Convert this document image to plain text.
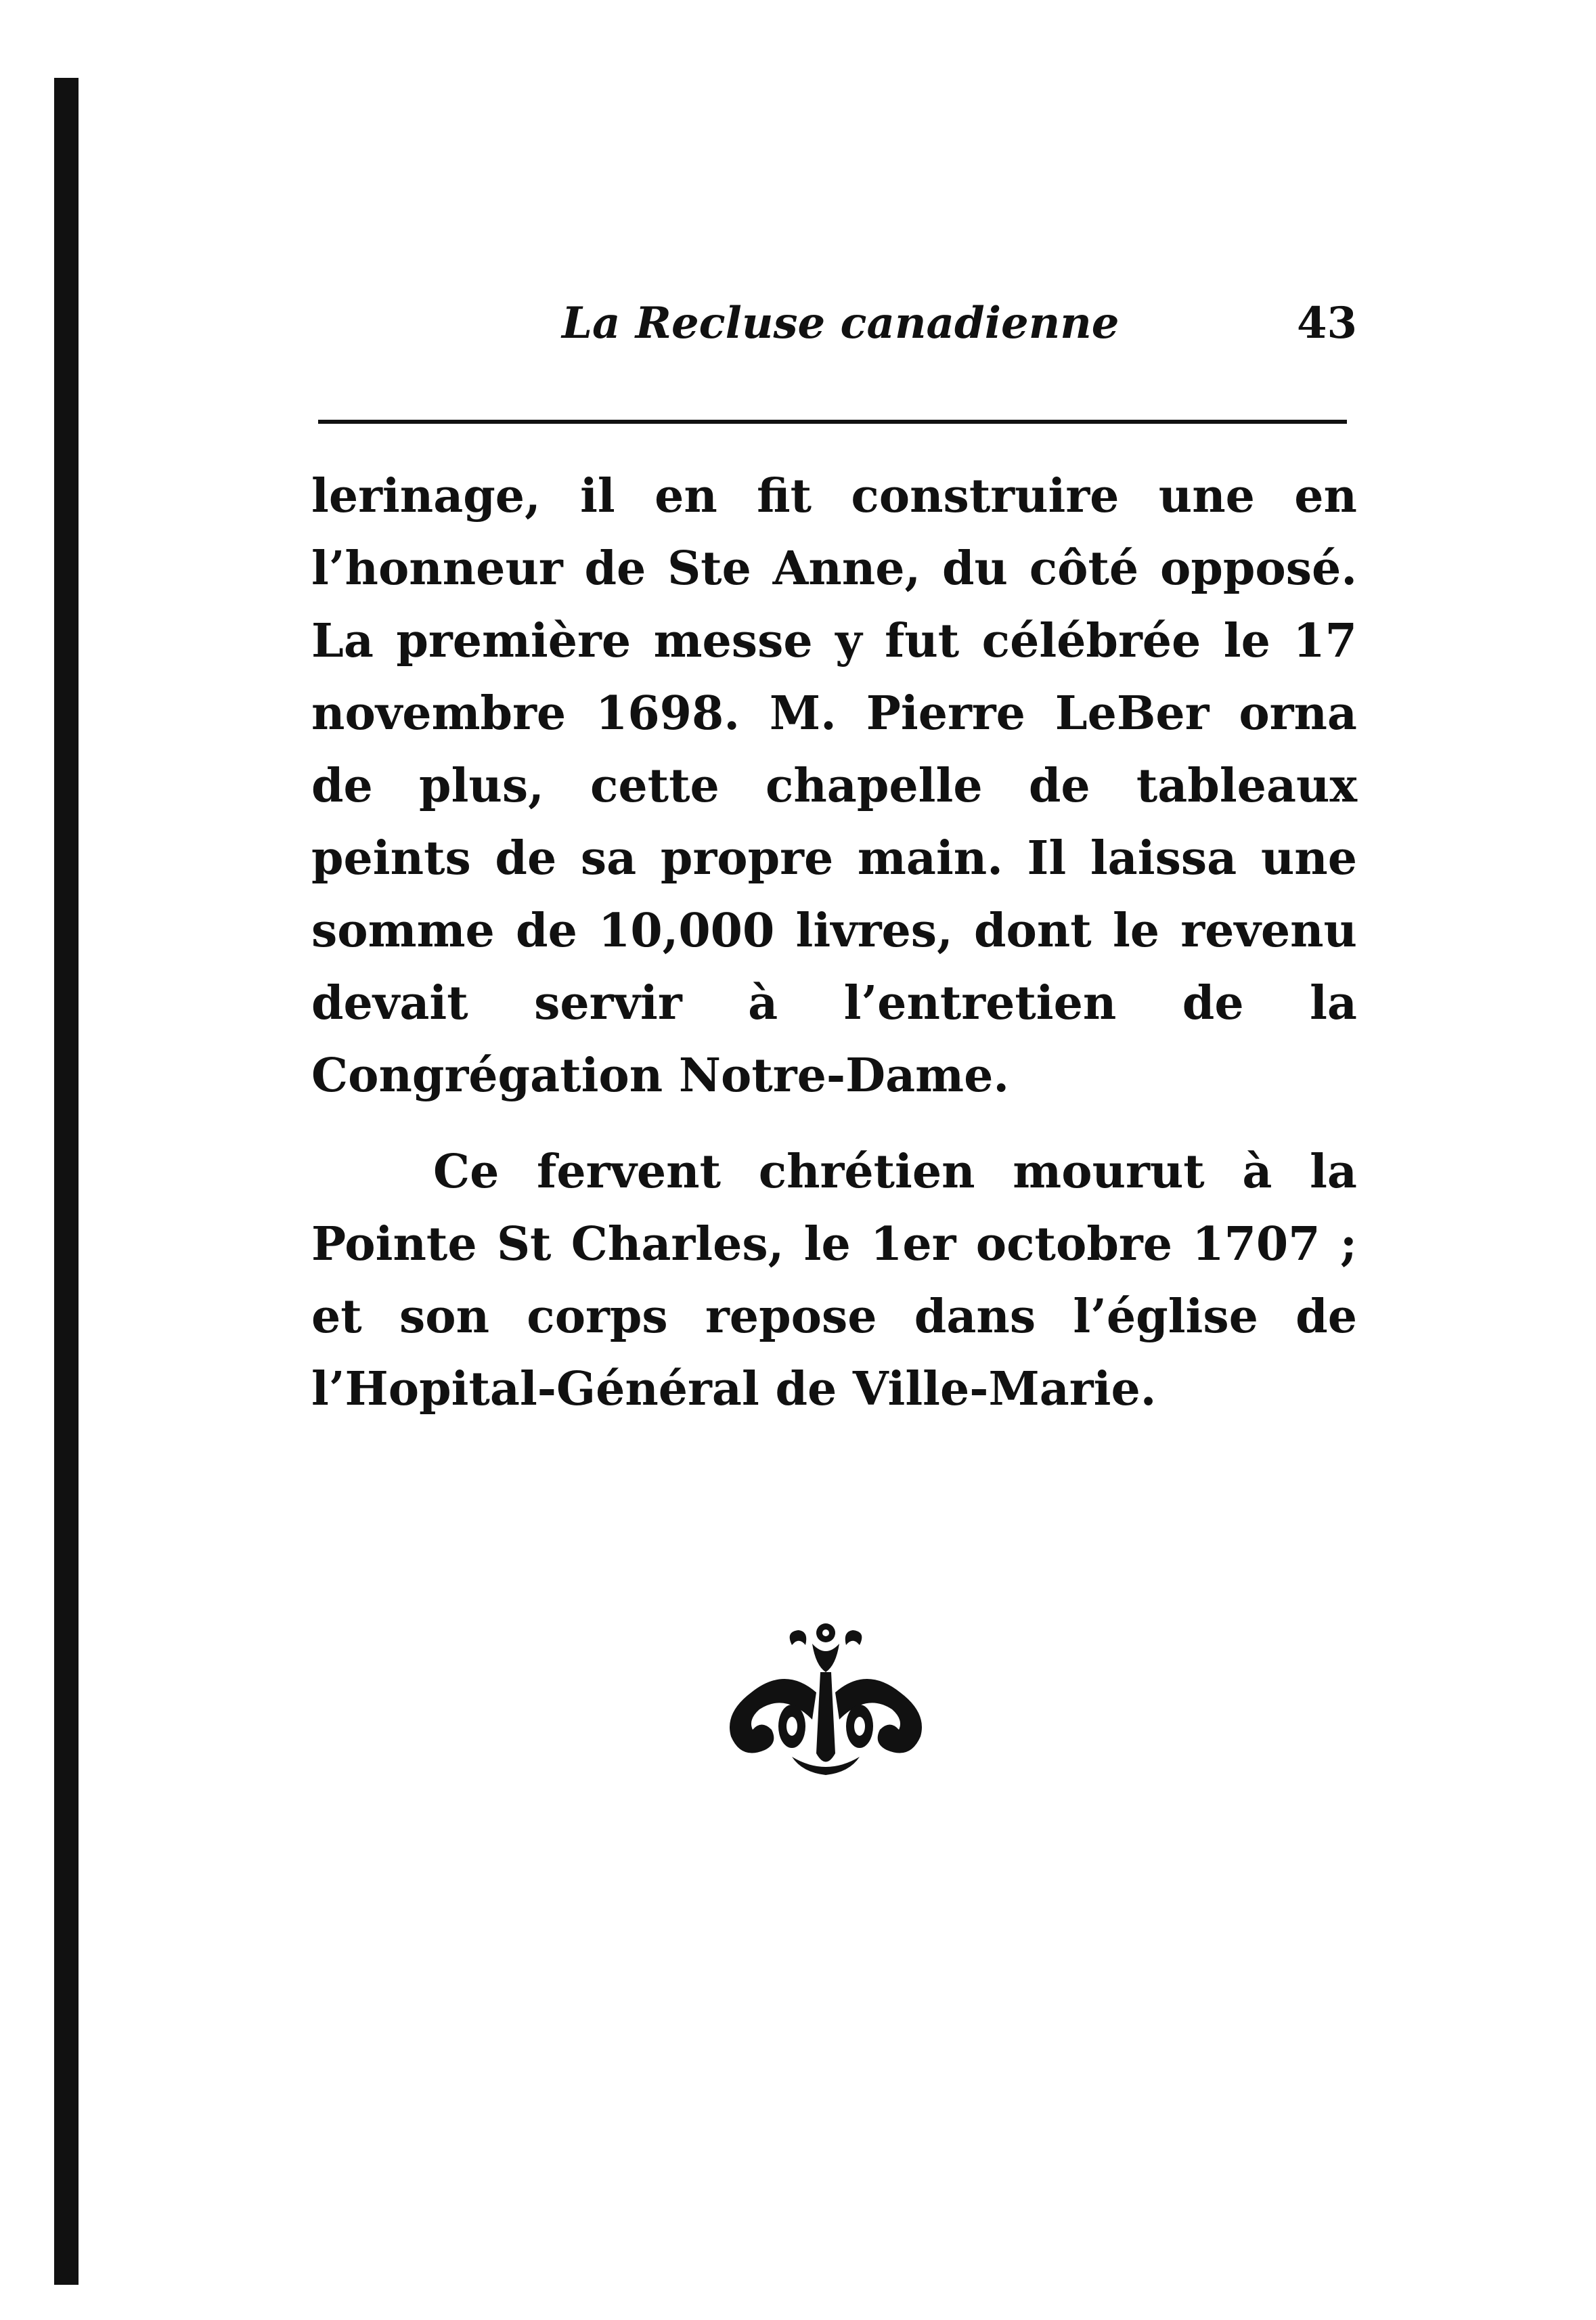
La Recluse canadienne	43

lerinage, il en fit construire une en l’honneur de Ste Anne, du côté opposé. La première messe y fut célébrée le 17 novembre 1698. M. Pierre LeBer orna de plus, cette chapelle de tableaux peints de sa propre main. Il laissa une somme de 10,000 livres, dont le revenu devait servir à l’entretien de la Congrégation Notre-Dame.

Ce fervent chrétien mourut à la Pointe St Charles, le 1er octobre 1707 ; et son corps repose dans l’église de l’Hopital-Général de Ville-Marie.
